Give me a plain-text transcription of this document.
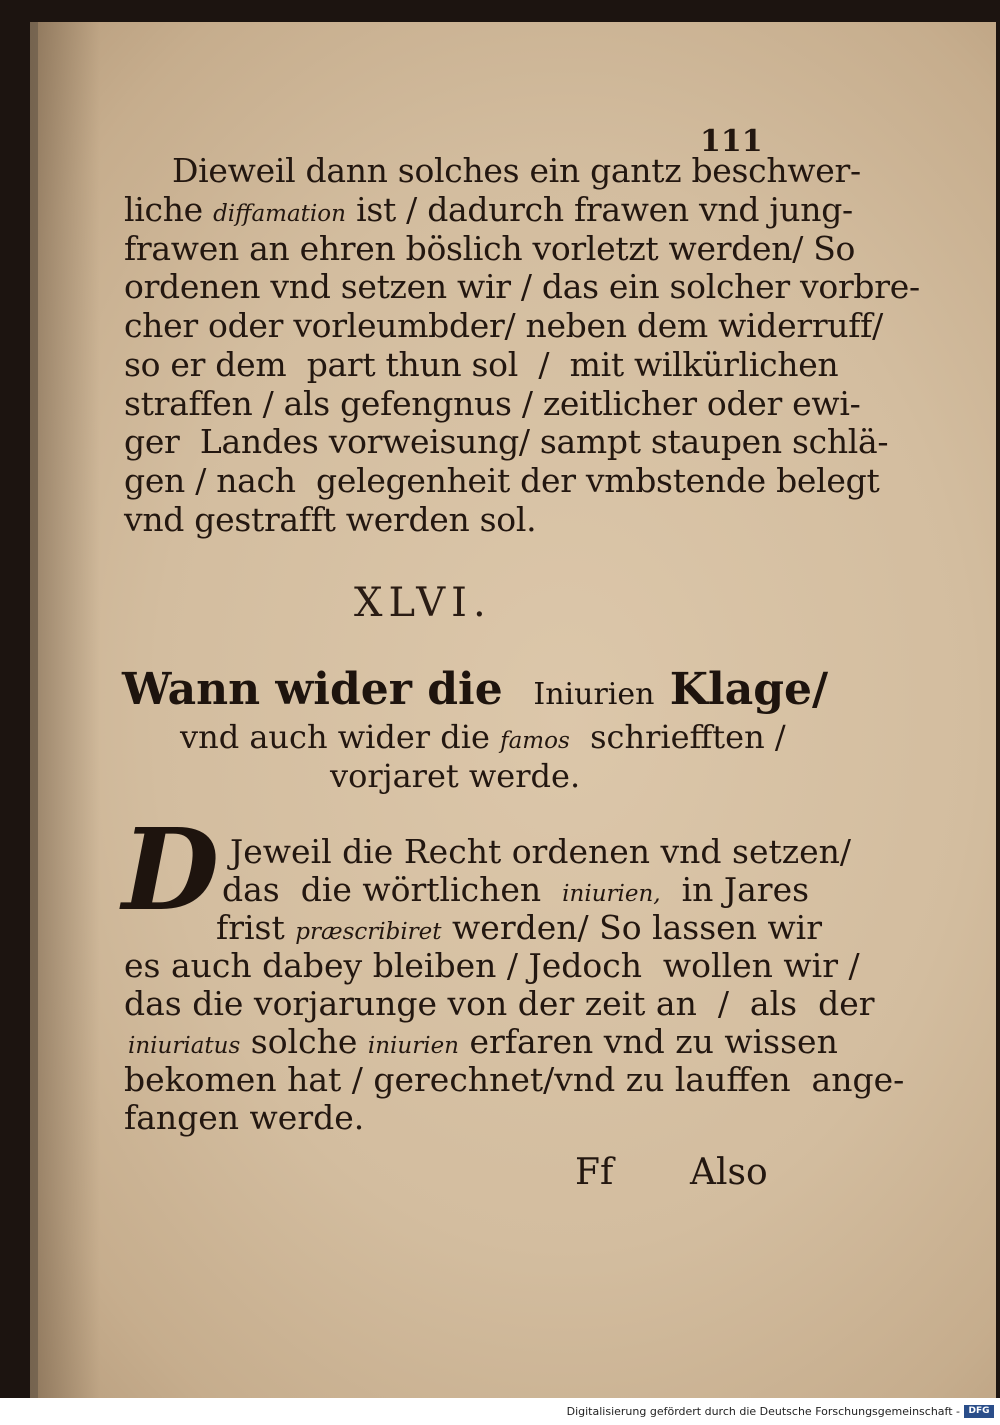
111
Dieweil dann solches ein gantz beschwer-
liche diffamation ist / dadurch frawen vnd jung-
frawen an ehren böslich vorletzt werden/ So
ordenen vnd setzen wir / das ein solcher vorbre-
cher oder vorleumbder/ neben dem widerruff/
so er dem  part thun sol  /  mit wilkürlichen
straffen / als gefengnus / zeitlicher oder ewi-
ger  Landes vorweisung/ sampt staupen schlä-
gen / nach  gelegenheit der vmbstende belegt
vnd gestrafft werden sol.
XLVI.
Wann wider die  Iniurien Klage/
vnd auch wider die famos  schriefften /
vorjaret werde.
D Jeweil die Recht ordenen vnd setzen/
das  die wörtlichen  iniurien,  in Jares
frist præscribiret werden/ So lassen wir
es auch dabey bleiben / Jedoch  wollen wir /
das die vorjarunge von der zeit an  /  als  der
iniuriatus solche iniurien erfaren vnd zu wissen
bekomen hat / gerechnet/vnd zu lauffen  ange-
fangen werde.
Ff Also
Digitalisierung gefördert durch die Deutsche Forschungsgemeinschaft - DFG
